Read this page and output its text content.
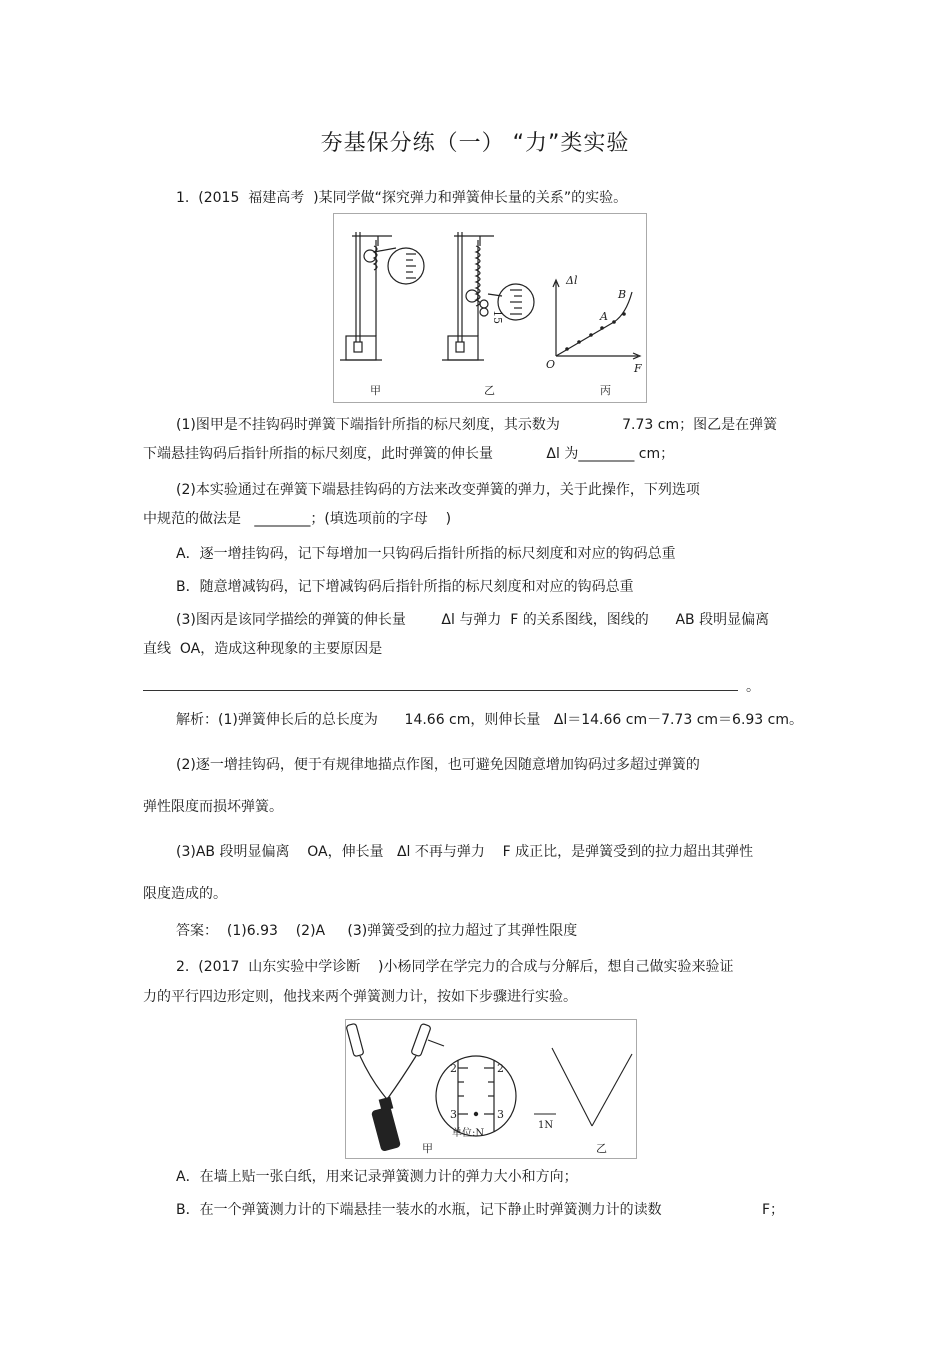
夯基保分练（一） “力”类实验
1.  (2015  福建高考  )某同学做“探究弹力和弹簧伸长量的关系”的实验。
15
Δl
F
O
A
B
甲	乙	丙
(1)图甲是不挂钩码时弹簧下端指针所指的标尺刻度，其示数为              7.73 cm；图乙是在弹簧
下端悬挂钩码后指针所指的标尺刻度，此时弹簧的伸长量            Δl 为________ cm；
(2)本实验通过在弹簧下端悬挂钩码的方法来改变弹簧的弹力，关于此操作，下列选项
中规范的做法是   ________；(填选项前的字母    )
A．逐一增挂钩码，记下每增加一只钩码后指针所指的标尺刻度和对应的钩码总重
B．随意增减钩码，记下增减钩码后指针所指的标尺刻度和对应的钩码总重
(3)图丙是该同学描绘的弹簧的伸长量        Δl 与弹力  F 的关系图线，图线的      AB 段明显偏离
直线  OA，造成这种现象的主要原因是
。
解析：(1)弹簧伸长后的总长度为      14.66 cm，则伸长量   Δl＝14.66 cm－7.73 cm＝6.93 cm。
(2)逐一增挂钩码，便于有规律地描点作图，也可避免因随意增加钩码过多超过弹簧的
弹性限度而损坏弹簧。
(3)AB 段明显偏离    OA，伸长量   Δl 不再与弹力    F 成正比，是弹簧受到的拉力超出其弹性
限度造成的。
答案：  (1)6.93    (2)A     (3)弹簧受到的拉力超过了其弹性限度
2.  (2017  山东实验中学诊断    )小杨同学在学完力的合成与分解后，想自己做实验来验证
力的平行四边形定则，他找来两个弹簧测力计，按如下步骤进行实验。
2	2
3	3
单位:N
1N
甲	乙
A．在墙上贴一张白纸，用来记录弹簧测力计的弹力大小和方向；
B．在一个弹簧测力计的下端悬挂一装水的水瓶，记下静止时弹簧测力计的读数	F；
